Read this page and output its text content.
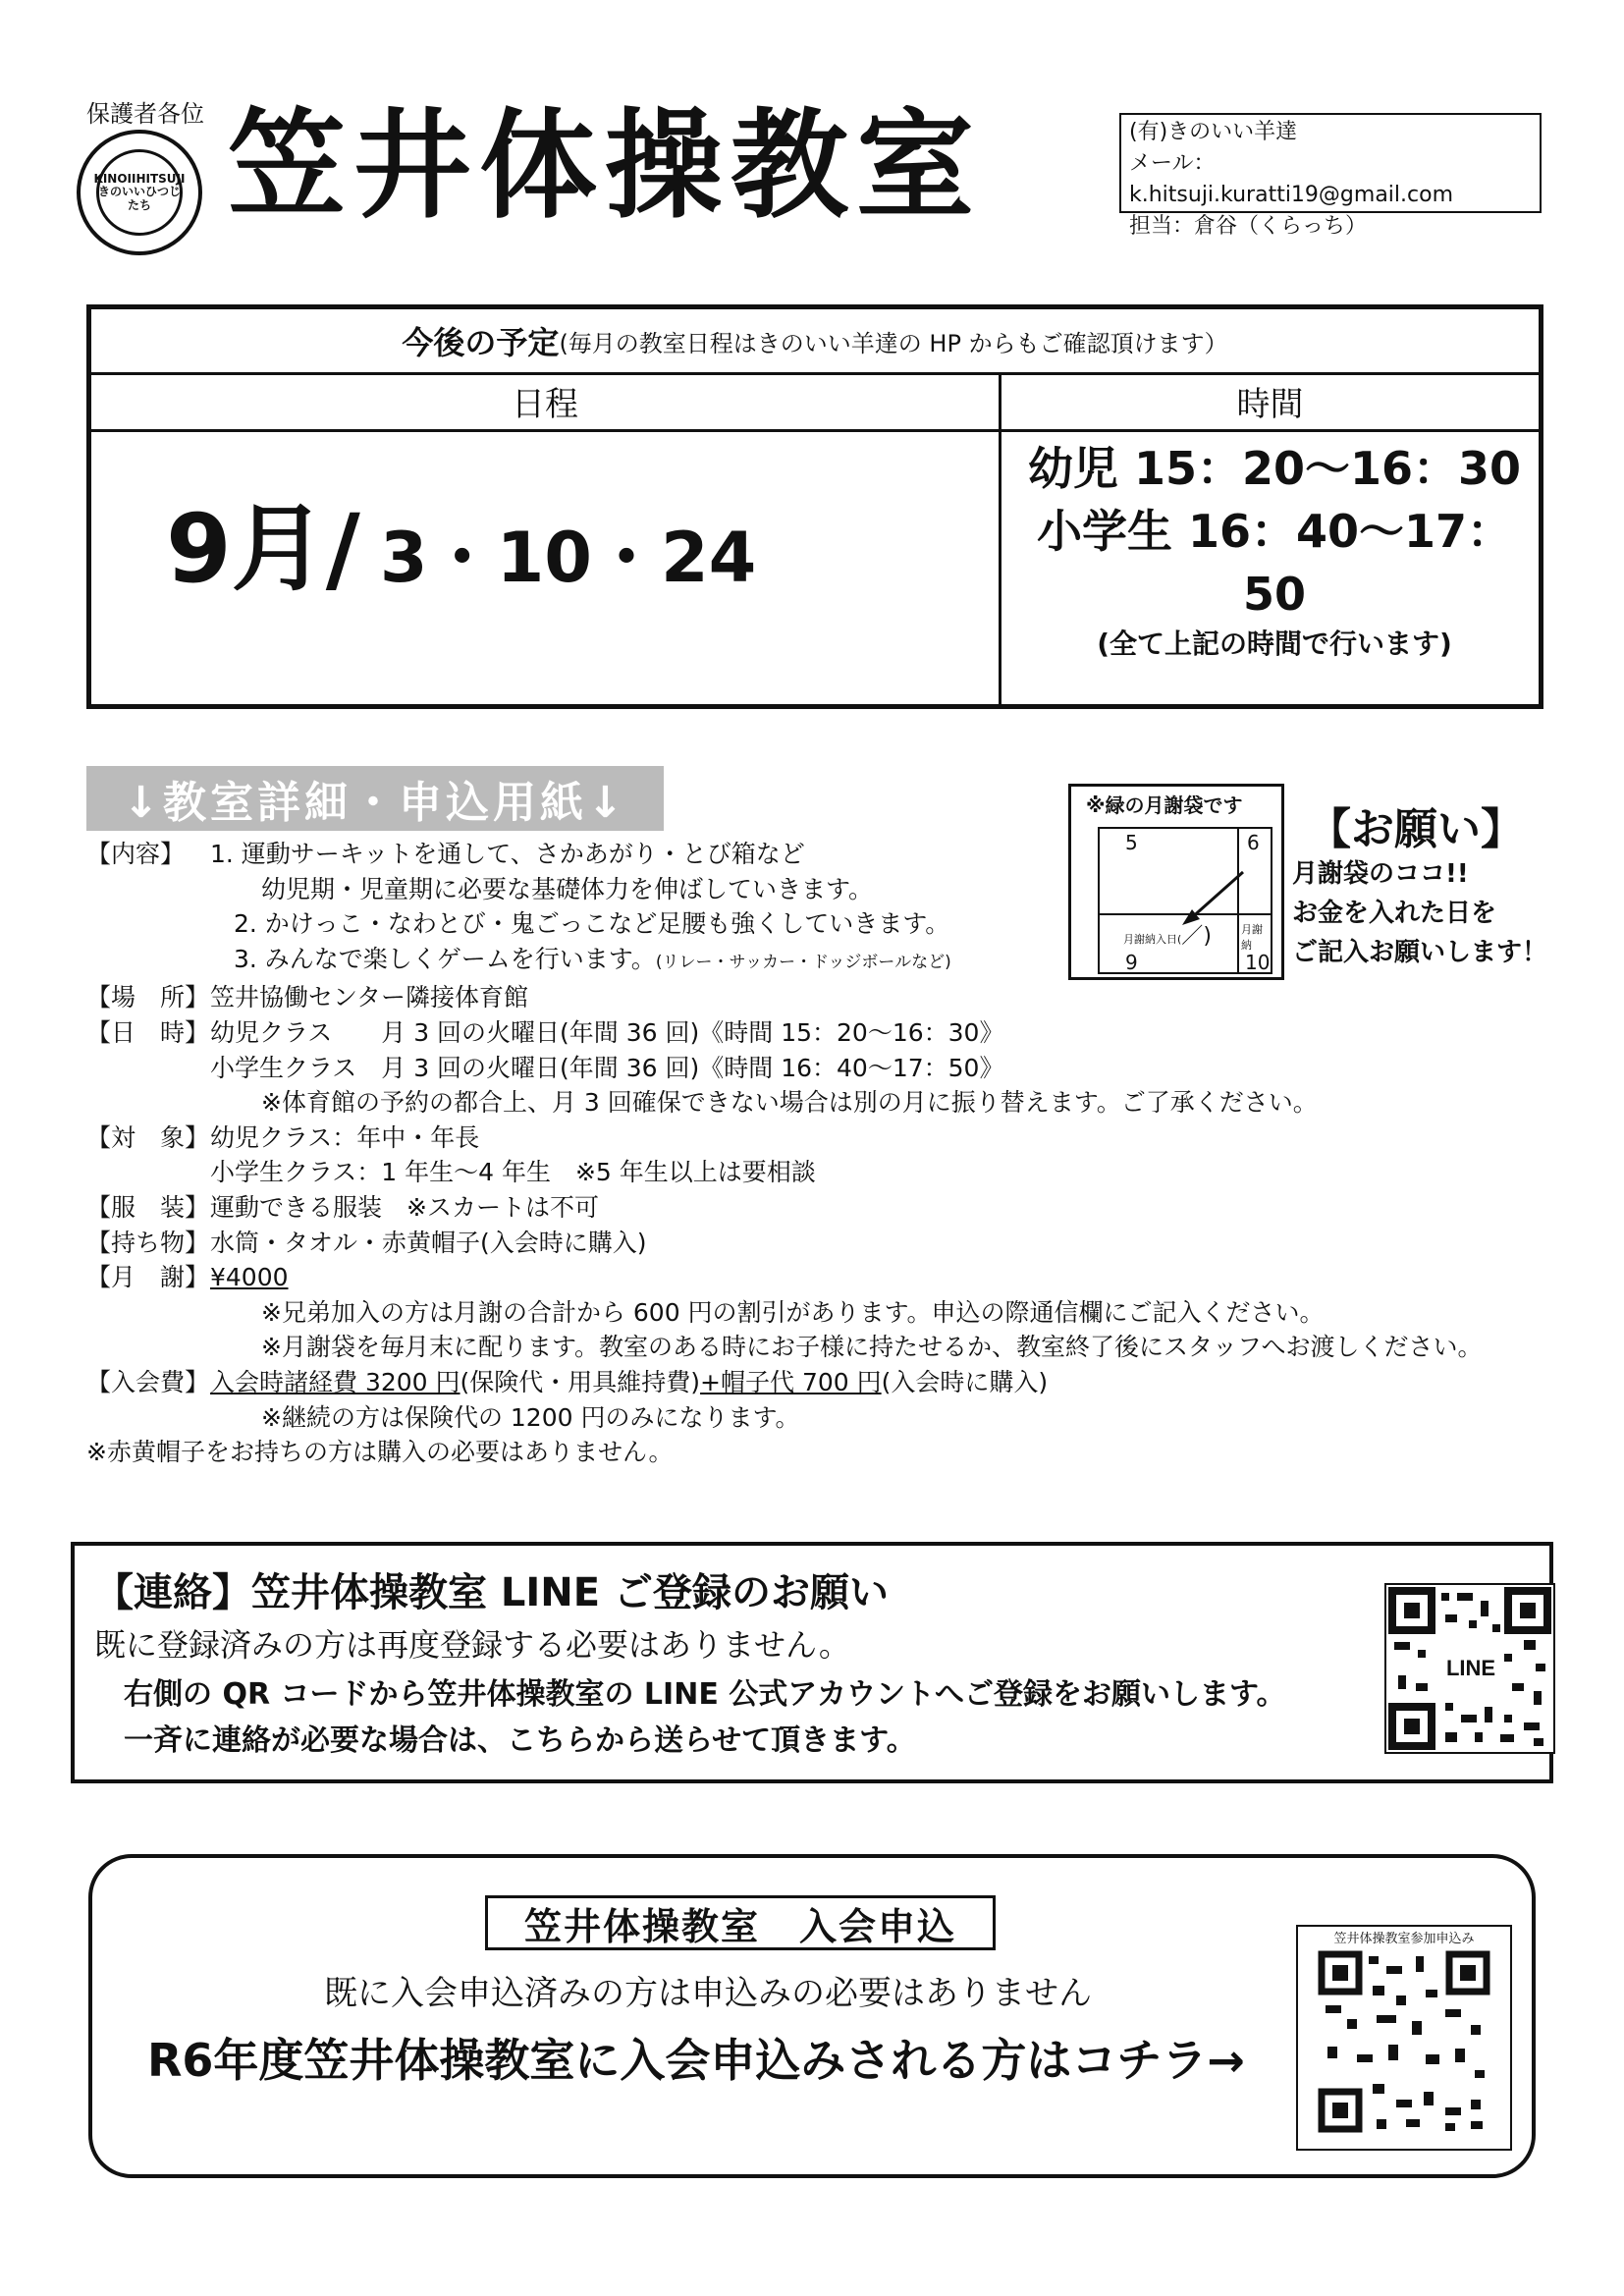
保護者各位
KINOIIHITSUJI きのいいひつじたち 笠井体操教室	(有)きのいい羊達
メール：k.hitsuji.kuratti19@gmail.com
担当：倉谷（くらっち）
今後の予定 (毎月の教室日程はきのいい羊達の HP からもご確認頂けます）
日程	時間
9月/ 3・10・24
幼児 15：20～16：30
小学生 16：40～17：50
(全て上記の時間で行います)
↓教室詳細・申込用紙↓
【内容】	1. 運動サーキットを通して、さかあがり・とび箱など
幼児期・児童期に必要な基礎体力を伸ばしていきます。
2. かけっこ・なわとび・鬼ごっこなど足腰も強くしていきます。
3. みんなで楽しくゲームを行います。(リレー・サッカー・ドッジボールなど)
【場　所】 笠井協働センター隣接体育館
【日　時】 幼児クラス　　月 3 回の火曜日(年間 36 回)《時間 15：20～16：30》
小学生クラス　月 3 回の火曜日(年間 36 回)《時間 16：40～17：50》
※体育館の予約の都合上、月 3 回確保できない場合は別の月に振り替えます。ご了承ください。
【対　象】 幼児クラス：年中・年長
小学生クラス：1 年生～4 年生　※5 年生以上は要相談
【服　装】 運動できる服装　※スカートは不可
【持ち物】 水筒・タオル・赤黄帽子(入会時に購入)
【月　謝】 ¥4000
※兄弟加入の方は月謝の合計から 600 円の割引があります。申込の際通信欄にご記入ください。
※月謝袋を毎月末に配ります。教室のある時にお子様に持たせるか、教室終了後にスタッフへお渡しください。
【入会費】 入会時諸経費 3200 円(保険代・用具維持費)+帽子代 700 円(入会時に購入)
※継続の方は保険代の 1200 円のみになります。
※赤黄帽子をお持ちの方は購入の必要はありません。
※緑の月謝袋です
5	6
9	10
月謝納入日(／)	月謝納
【お願い】
月謝袋のココ!!
お金を入れた日を
ご記入お願いします！
【連絡】笠井体操教室 LINE ご登録のお願い
既に登録済みの方は再度登録する必要はありません。
右側の QR コードから笠井体操教室の LINE 公式アカウントへご登録をお願いします。
一斉に連絡が必要な場合は、こちらから送らせて頂きます。
LINE
笠井体操教室　入会申込
既に入会申込済みの方は申込みの必要はありません
R6年度笠井体操教室に入会申込みされる方はコチラ→
笠井体操教室参加申込み
